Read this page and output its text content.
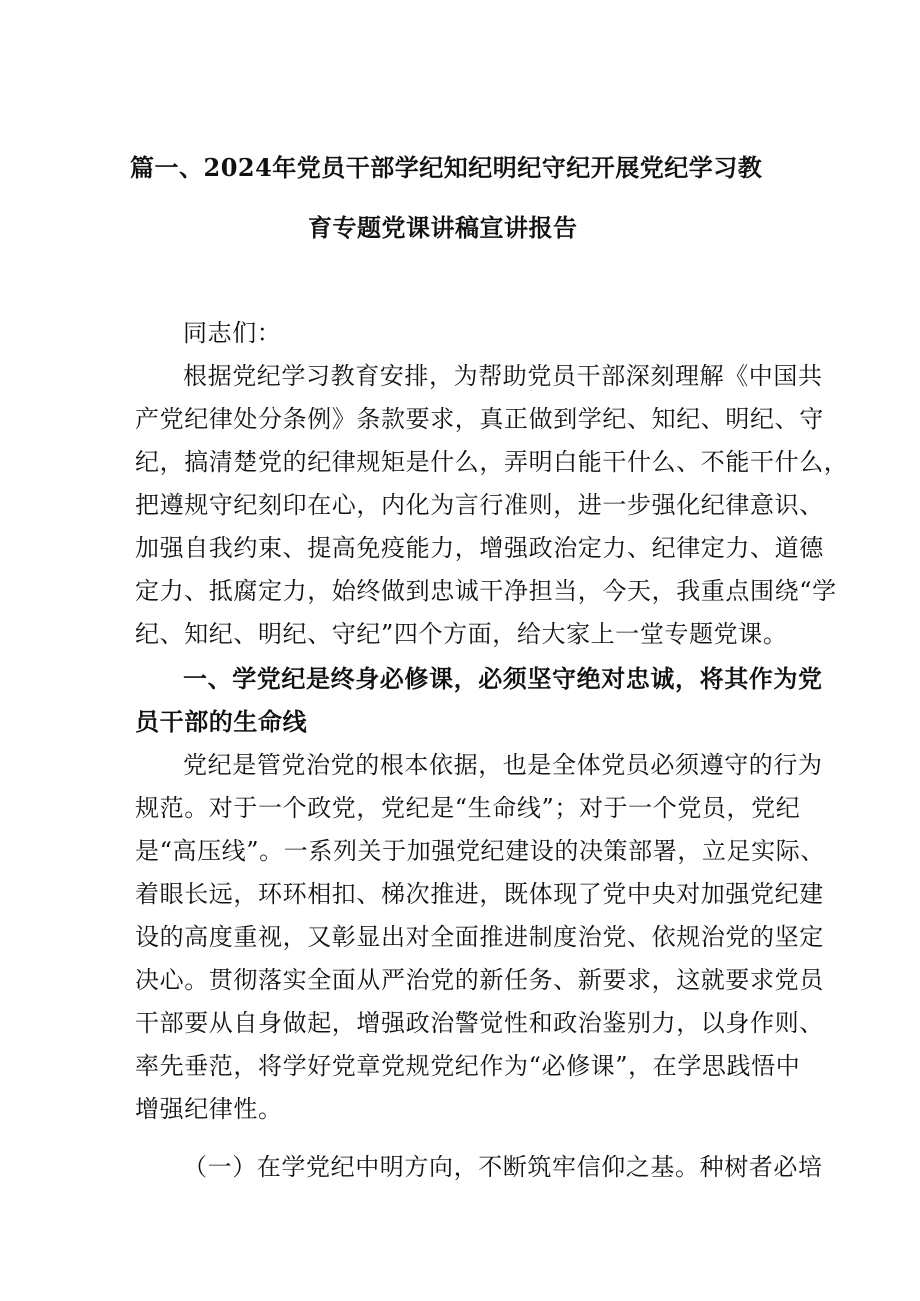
篇一、2024年党员干部学纪知纪明纪守纪开展党纪学习教
育专题党课讲稿宣讲报告
同志们：
根据党纪学习教育安排，为帮助党员干部深刻理解《中国共
产党纪律处分条例》条款要求，真正做到学纪、知纪、明纪、守
纪，搞清楚党的纪律规矩是什么，弄明白能干什么、不能干什么，
把遵规守纪刻印在心，内化为言行准则，进一步强化纪律意识、
加强自我约束、提高免疫能力，增强政治定力、纪律定力、道德
定力、抵腐定力，始终做到忠诚干净担当，今天，我重点围绕“学
纪、知纪、明纪、守纪”四个方面，给大家上一堂专题党课。
一、学党纪是终身必修课，必须坚守绝对忠诚，将其作为党
员干部的生命线
党纪是管党治党的根本依据，也是全体党员必须遵守的行为
规范。对于一个政党，党纪是“生命线”；对于一个党员，党纪
是“高压线”。一系列关于加强党纪建设的决策部署，立足实际、
着眼长远，环环相扣、梯次推进，既体现了党中央对加强党纪建
设的高度重视，又彰显出对全面推进制度治党、依规治党的坚定
决心。贯彻落实全面从严治党的新任务、新要求，这就要求党员
干部要从自身做起，增强政治警觉性和政治鉴别力，以身作则、
率先垂范，将学好党章党规党纪作为“必修课”，在学思践悟中
增强纪律性。
（一）在学党纪中明方向，不断筑牢信仰之基。种树者必培
